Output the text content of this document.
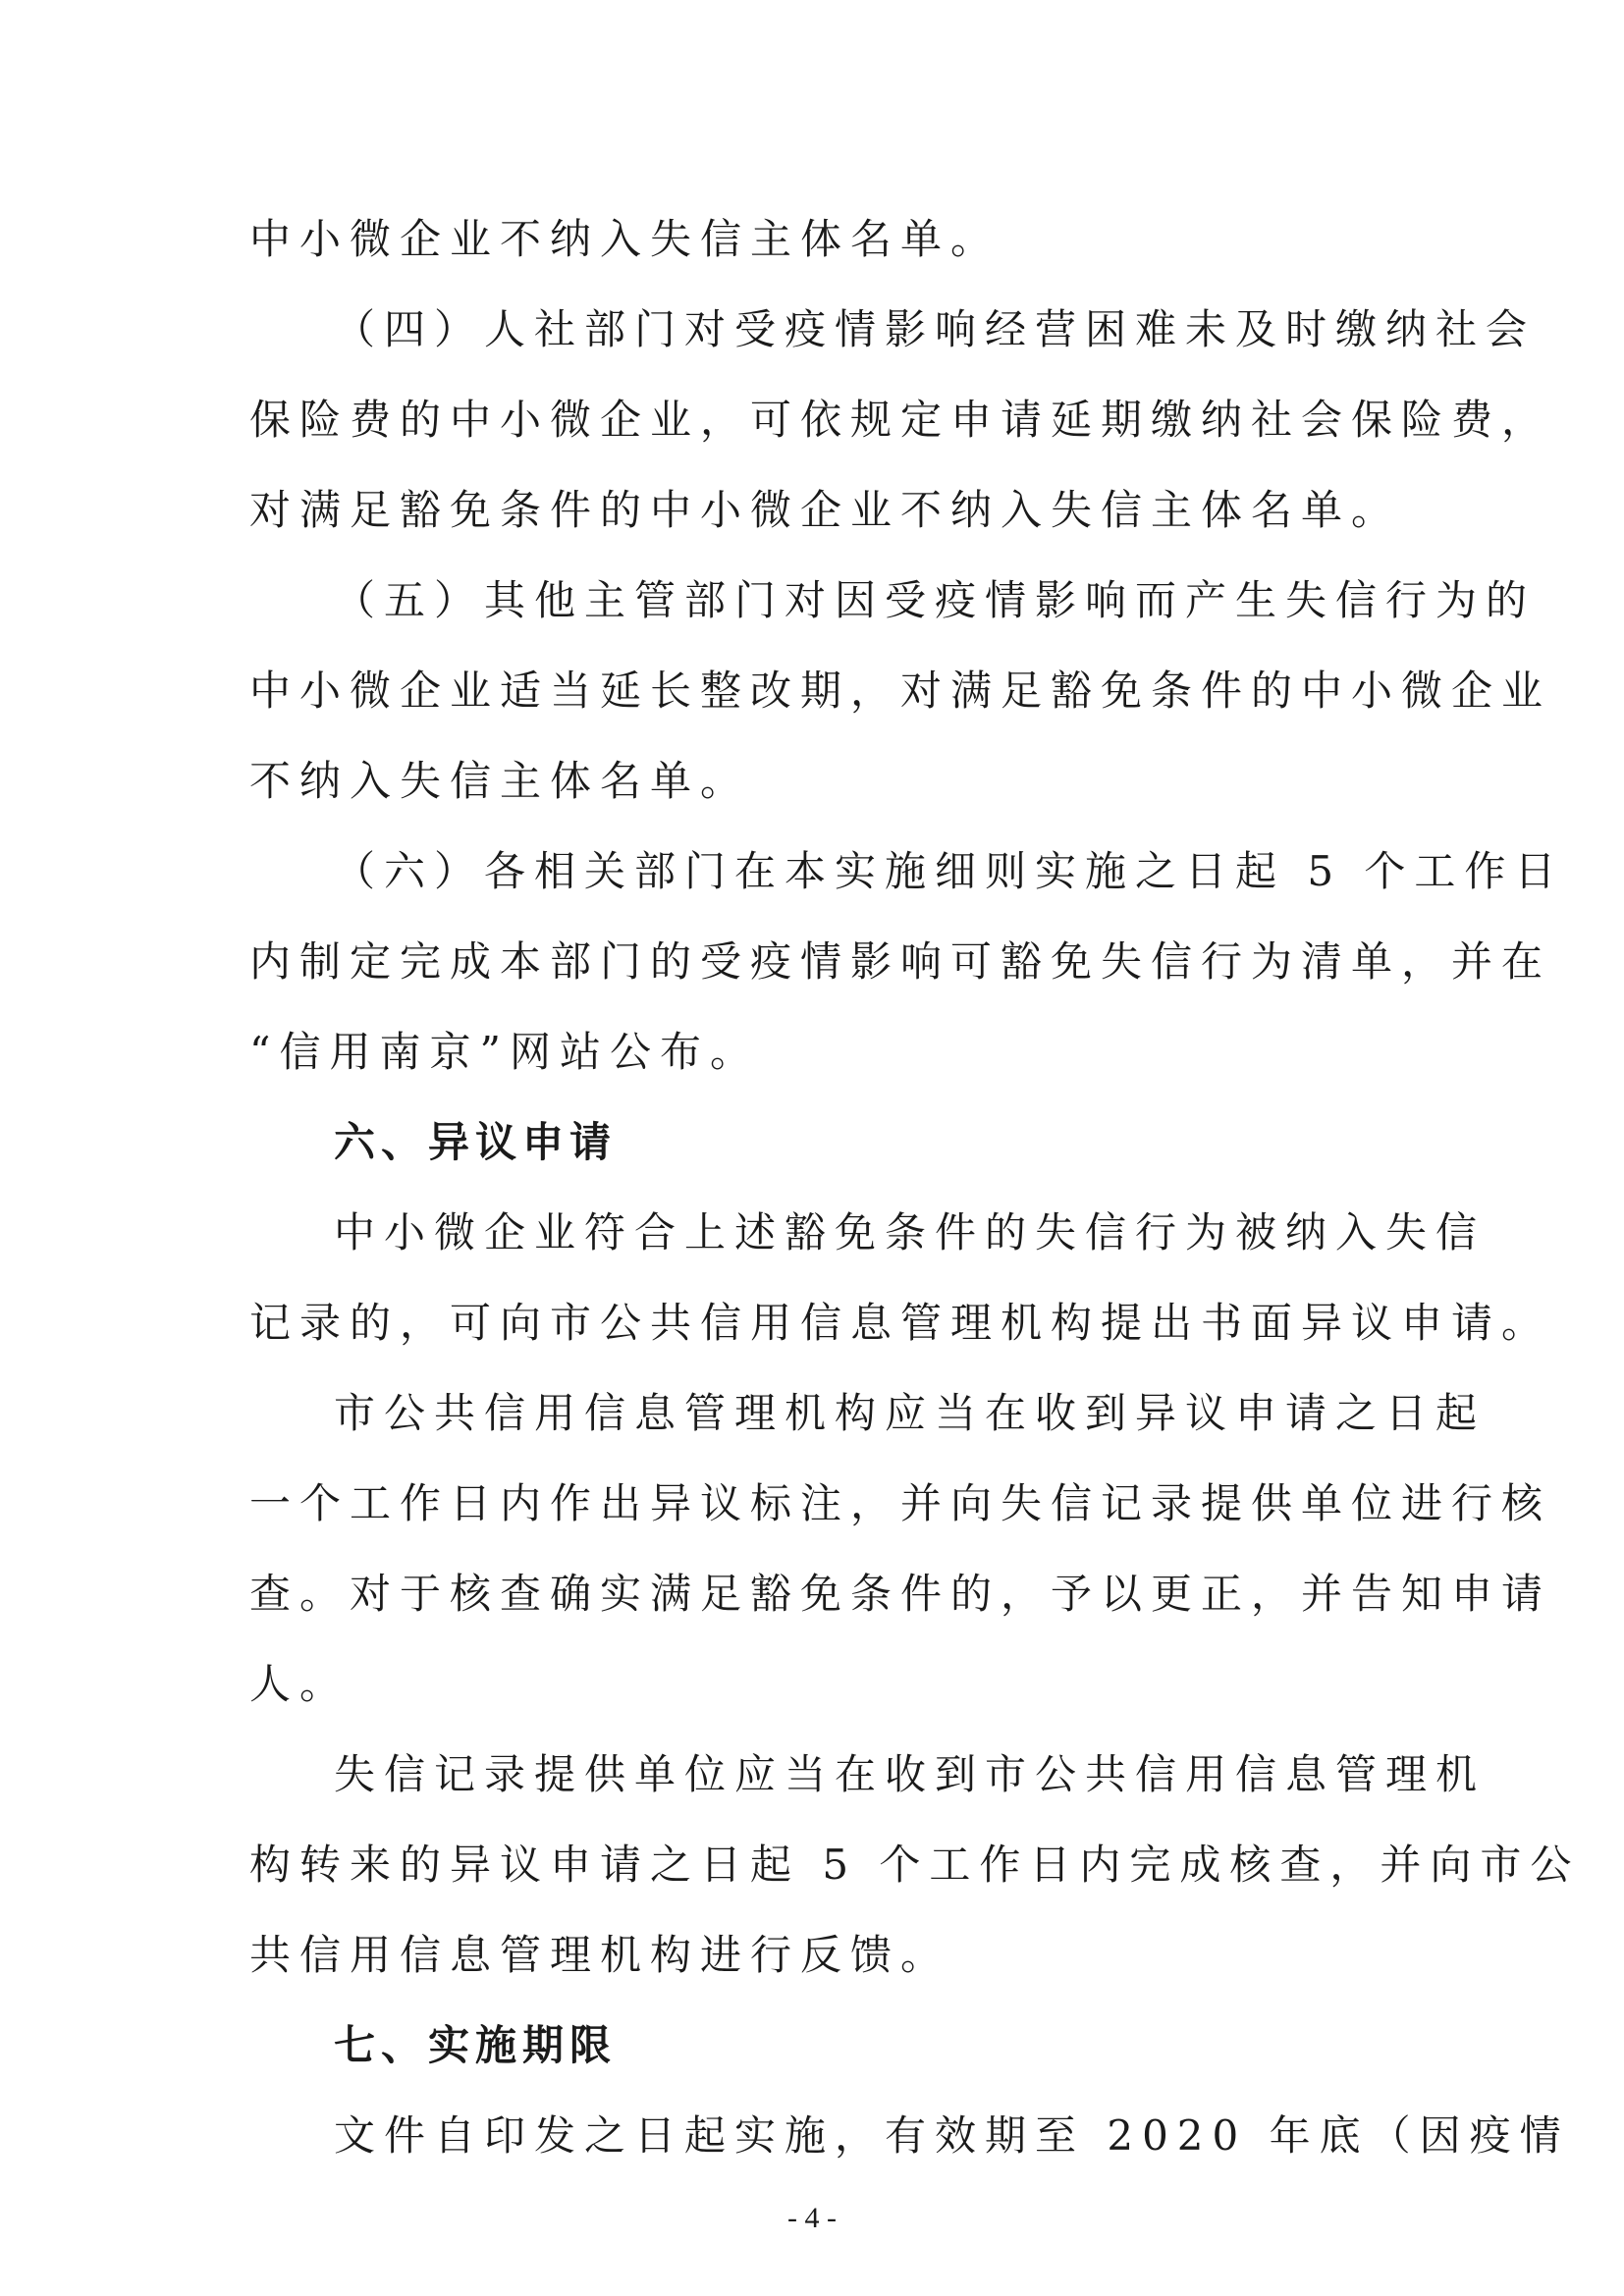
中小微企业不纳入失信主体名单。
（四）人社部门对受疫情影响经营困难未及时缴纳社会
保险费的中小微企业，可依规定申请延期缴纳社会保险费，
对满足豁免条件的中小微企业不纳入失信主体名单。
（五）其他主管部门对因受疫情影响而产生失信行为的
中小微企业适当延长整改期，对满足豁免条件的中小微企业
不纳入失信主体名单。
（六）各相关部门在本实施细则实施之日起 5 个工作日
内制定完成本部门的受疫情影响可豁免失信行为清单，并在
“信用南京”网站公布。
六、异议申请
中小微企业符合上述豁免条件的失信行为被纳入失信
记录的，可向市公共信用信息管理机构提出书面异议申请。
市公共信用信息管理机构应当在收到异议申请之日起
一个工作日内作出异议标注，并向失信记录提供单位进行核
查。对于核查确实满足豁免条件的，予以更正，并告知申请
人。
失信记录提供单位应当在收到市公共信用信息管理机
构转来的异议申请之日起 5 个工作日内完成核查，并向市公
共信用信息管理机构进行反馈。
七、实施期限
文件自印发之日起实施，有效期至 2020 年底（因疫情
- 4 -
